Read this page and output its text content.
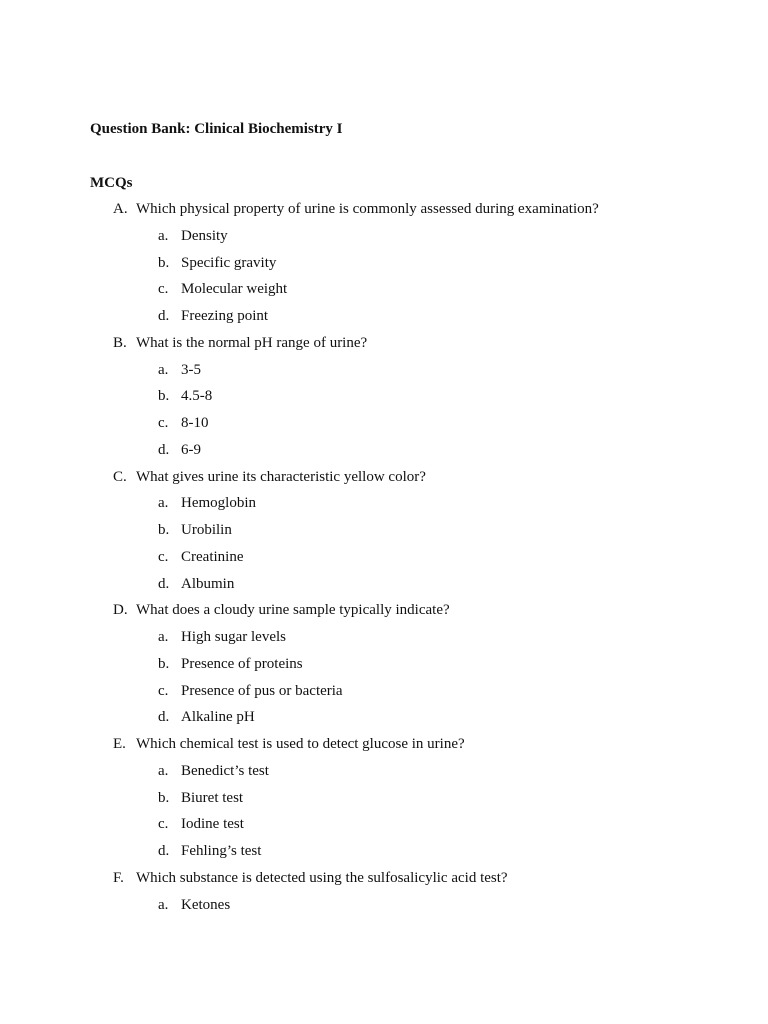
Question Bank: Clinical Biochemistry I

MCQs

A. Which physical property of urine is commonly assessed during examination?
a. Density
b. Specific gravity
c. Molecular weight
d. Freezing point
B. What is the normal pH range of urine?
a. 3-5
b. 4.5-8
c. 8-10
d. 6-9
C. What gives urine its characteristic yellow color?
a. Hemoglobin
b. Urobilin
c. Creatinine
d. Albumin
D. What does a cloudy urine sample typically indicate?
a. High sugar levels
b. Presence of proteins
c. Presence of pus or bacteria
d. Alkaline pH
E. Which chemical test is used to detect glucose in urine?
a. Benedict’s test
b. Biuret test
c. Iodine test
d. Fehling’s test
F. Which substance is detected using the sulfosalicylic acid test?
a. Ketones
